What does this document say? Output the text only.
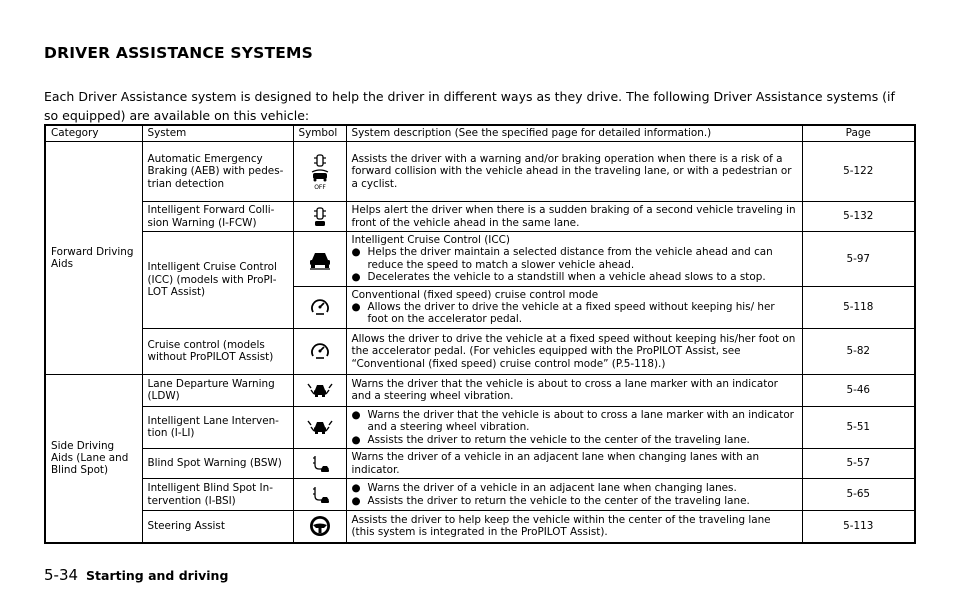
DRIVER ASSISTANCE SYSTEMS
Each Driver Assistance system is designed to help the driver in different ways as they drive. The following Driver Assistance systems (if so equipped) are available on this vehicle:
Category	System	Symbol	System description (See the specified page for detailed information.)	Page
Forward Driving Aids	Automatic Emergency Braking (AEB) with pedes-trian detection	OFF	Assists the driver with a warning and/or braking operation when there is a risk of a forward collision with the vehicle ahead in the traveling lane, or with a pedestrian or a cyclist.	5-122
	Intelligent Forward Colli-sion Warning (I-FCW)		Helps alert the driver when there is a sudden braking of a second vehicle traveling in front of the vehicle ahead in the same lane.	5-132
	Intelligent Cruise Control (ICC) (models with ProPI-LOT Assist)		Intelligent Cruise Control (ICC)
● Helps the driver maintain a selected distance from the vehicle ahead and can reduce the speed to match a slower vehicle ahead.
● Decelerates the vehicle to a standstill when a vehicle ahead slows to a stop.	5-97

Conventional (fixed speed) cruise control mode
● Allows the driver to drive the vehicle at a fixed speed without keeping his/ her foot on the accelerator pedal.	5-118
	Cruise control (models without ProPILOT Assist)		Allows the driver to drive the vehicle at a fixed speed without keeping his/her foot on the accelerator pedal. (For vehicles equipped with the ProPILOT Assist, see “Conventional (fixed speed) cruise control mode” (P.5-118).)	5-82
Side Driving Aids (Lane and Blind Spot)	Lane Departure Warning (LDW)		Warns the driver that the vehicle is about to cross a lane marker with an indicator and a steering wheel vibration.	5-46
	Intelligent Lane Interven-tion (I-LI)		● Warns the driver that the vehicle is about to cross a lane marker with an indicator and a steering wheel vibration.
● Assists the driver to return the vehicle to the center of the traveling lane.	5-51
	Blind Spot Warning (BSW)		Warns the driver of a vehicle in an adjacent lane when changing lanes with an indicator.	5-57
	Intelligent Blind Spot In-tervention (I-BSI)		● Warns the driver of a vehicle in an adjacent lane when changing lanes.
● Assists the driver to return the vehicle to the center of the traveling lane.	5-65
	Steering Assist		Assists the driver to help keep the vehicle within the center of the traveling lane (this system is integrated in the ProPILOT Assist).	5-113
5-34 Starting and driving
